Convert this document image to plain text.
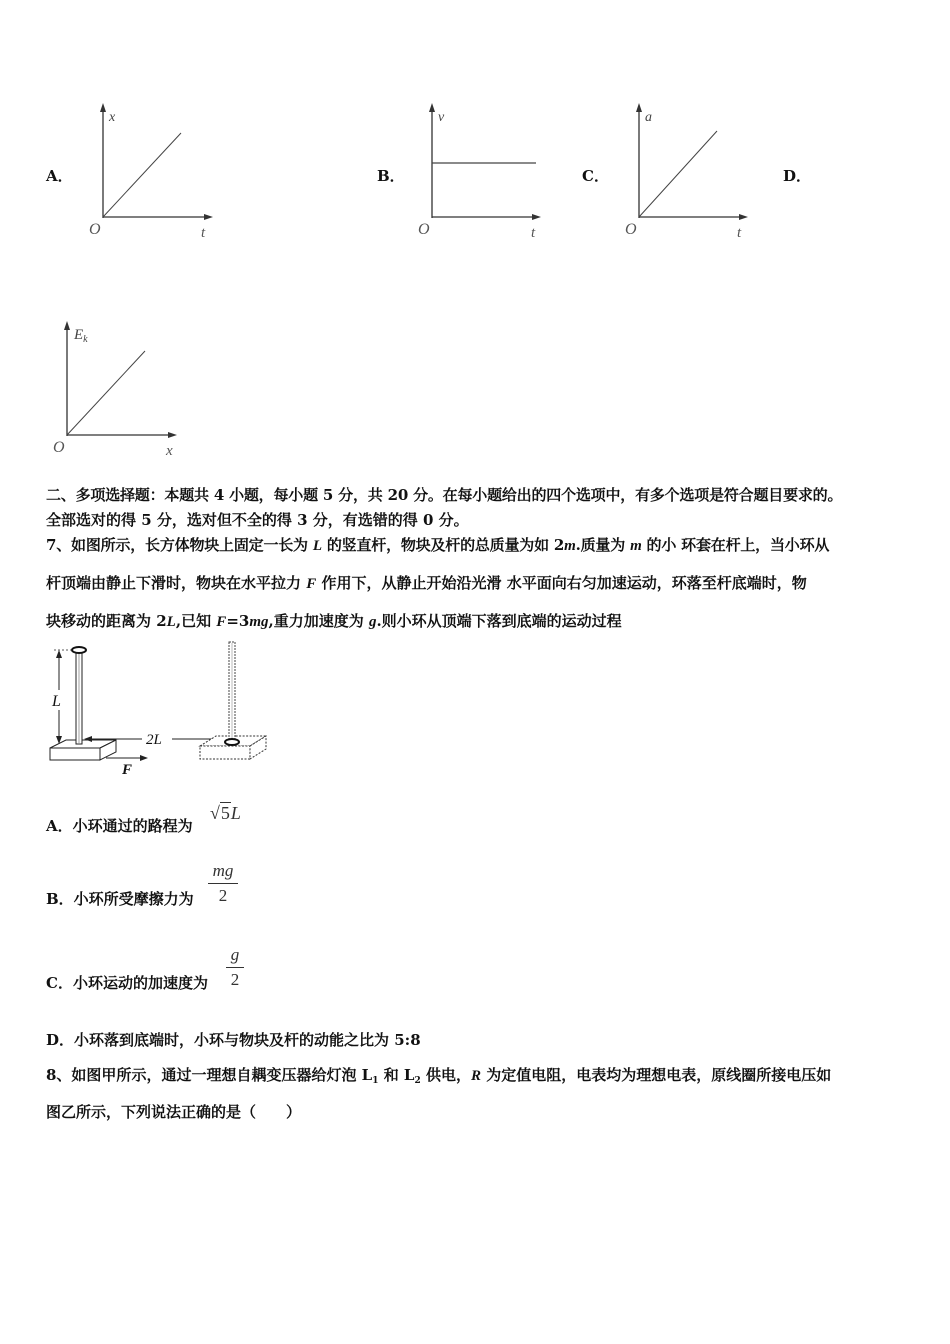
A．
x
O	t
B．
v
O	t
C．
a
O	t
D．
$E_k$
O	x
二、多项选择题：本题共 4 小题，每小题 5 分，共 20 分。在每小题给出的四个选项中，有多个选项是符合题目要求的。
全部选对的得 5 分，选对但不全的得 3 分，有选错的得 0 分。
7、如图所示，长方体物块上固定一长为 L 的竖直杆，物块及杆的总质量为如 2m.质量为 m 的小 环套在杆上，当小环从
杆顶端由静止下滑时，物块在水平拉力 F 作用下，从静止开始沿光滑 水平面向右匀加速运动，环落至杆底端时，物
块移动的距离为 2L,已知 F=3mg,重力加速度为 g.则小环从顶端下落到底端的运动过程
L
F
2L
A．小环通过的路程为
√5L
B．小环所受摩擦力为
mg
2
C．小环运动的加速度为
g
2
D．小环落到底端时，小环与物块及杆的动能之比为 5:8
8、如图甲所示，通过一理想自耦变压器给灯泡 $L_1$ 和 $L_2$ 供电，R 为定值电阻，电表均为理想电表，原线圈所接电压如
图乙所示，下列说法正确的是（　　）
